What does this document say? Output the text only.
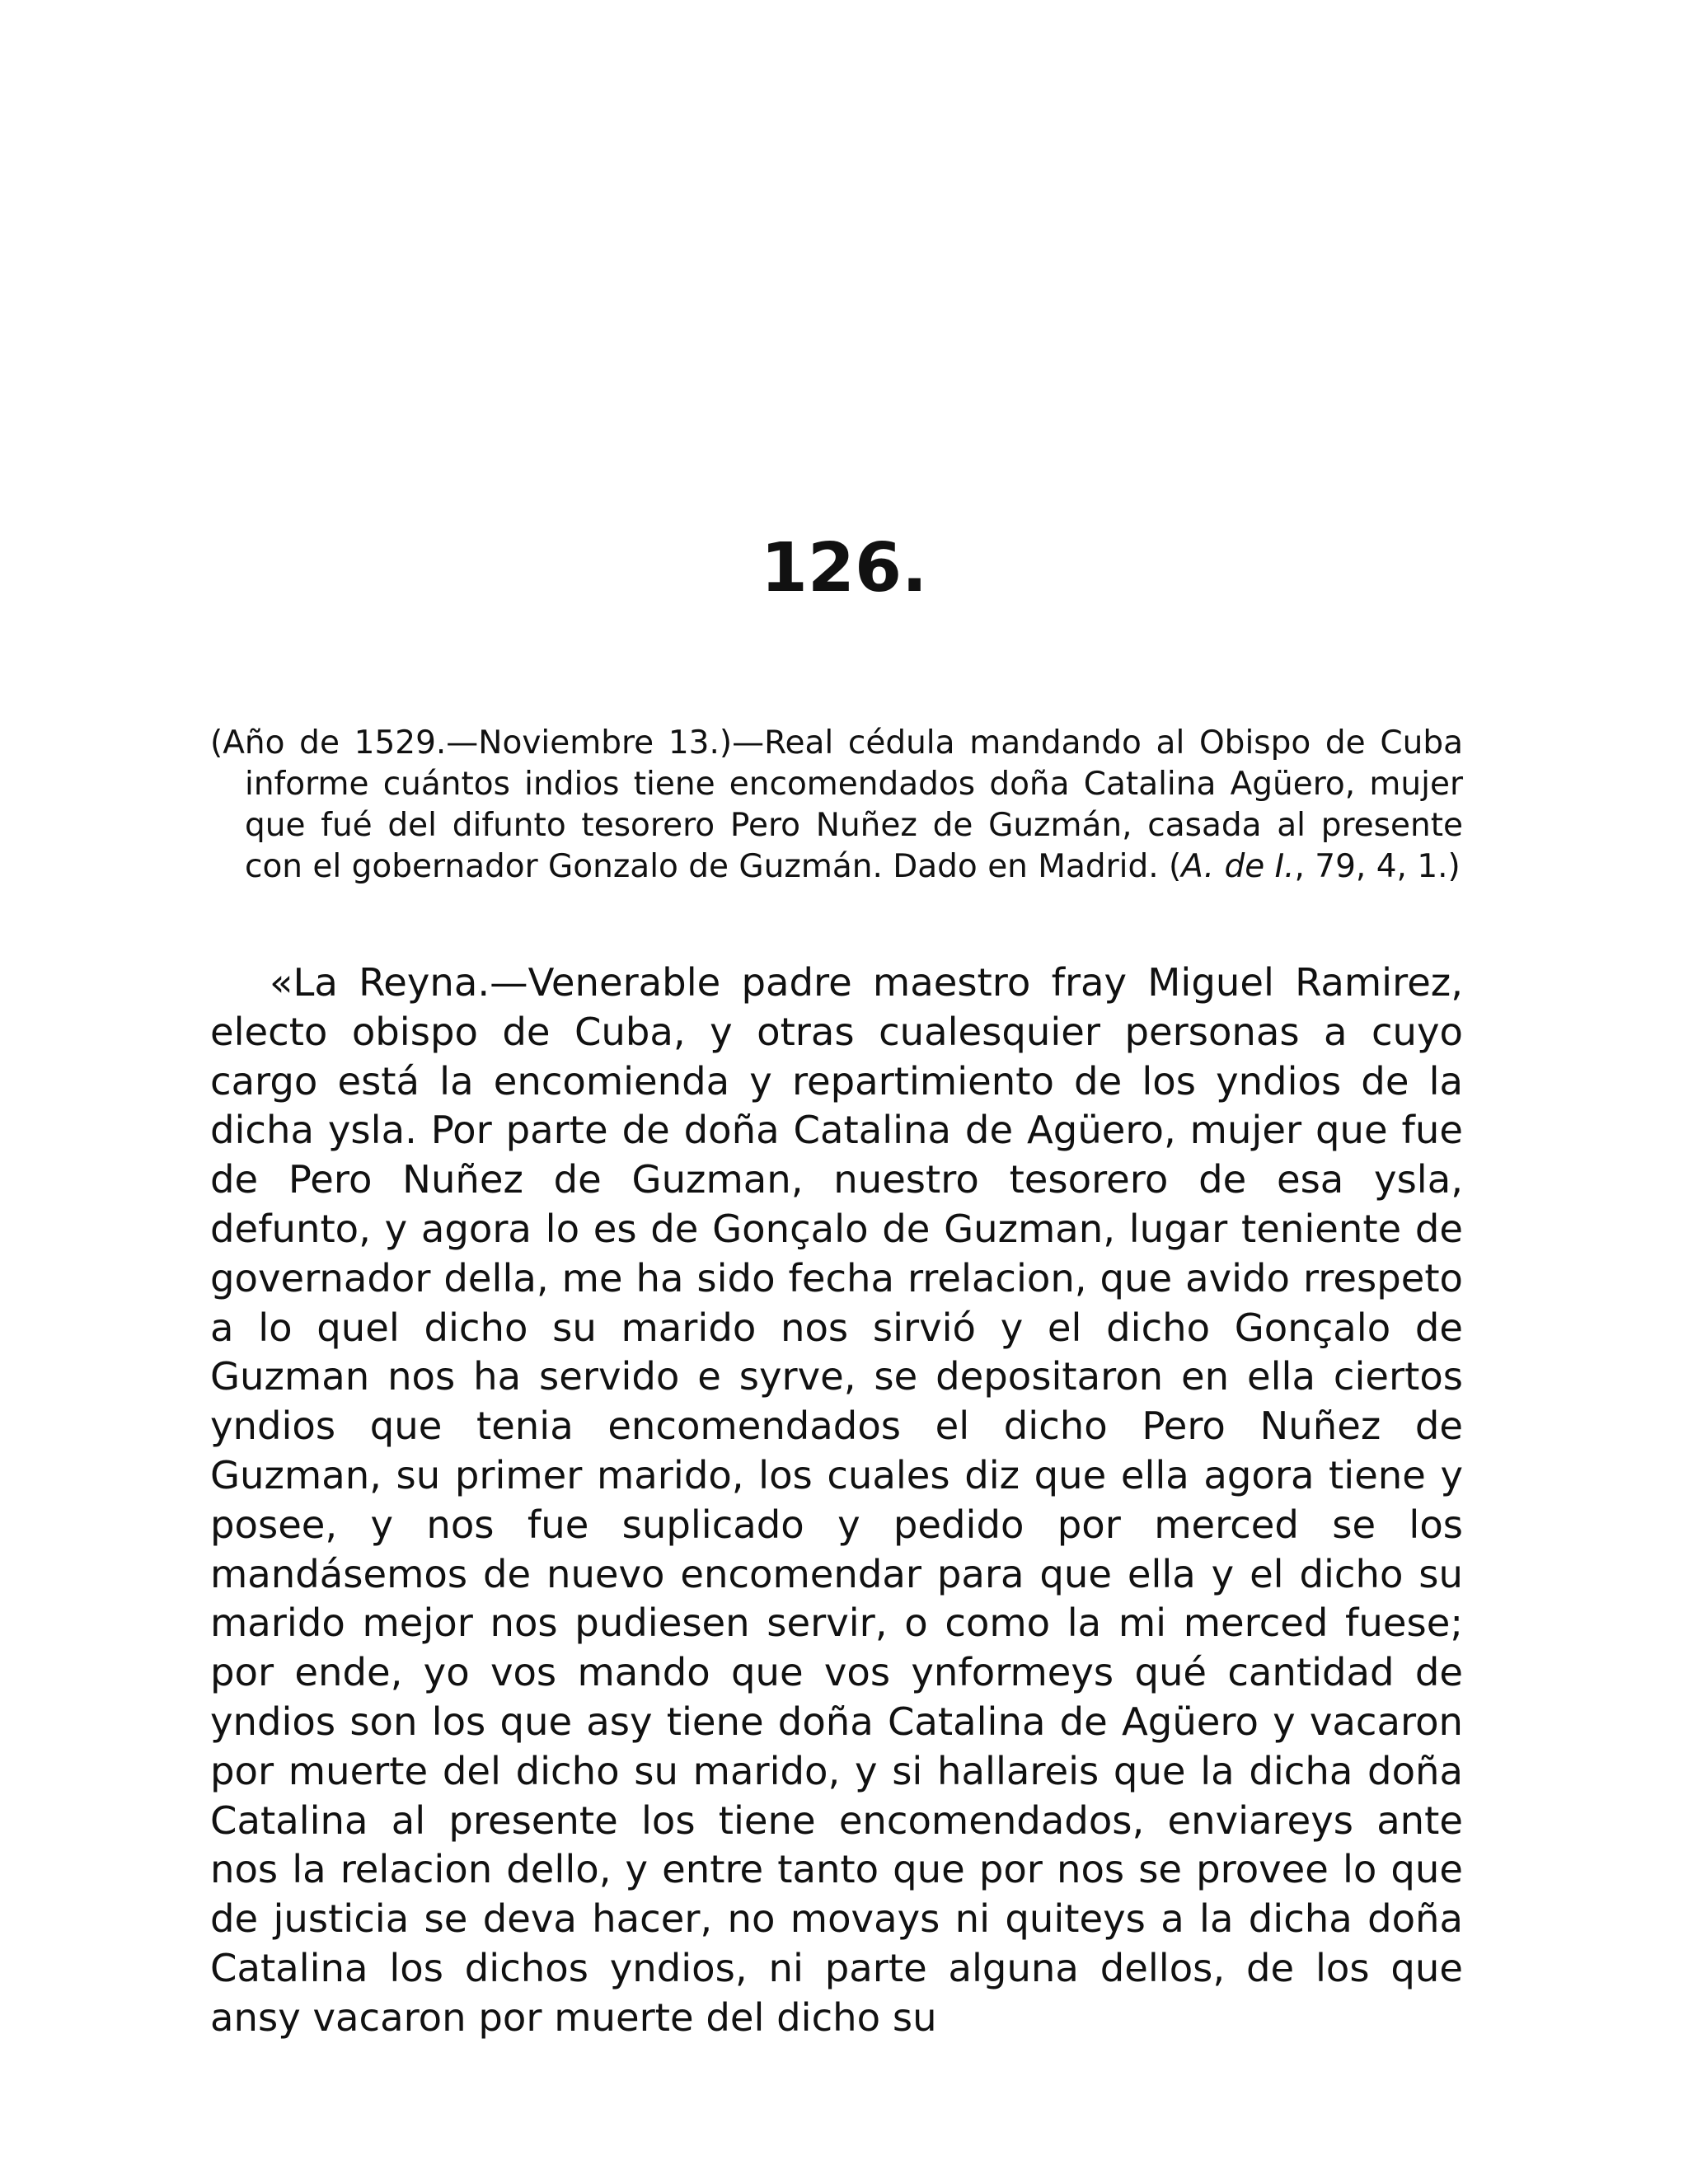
126.

(Año de 1529.—Noviembre 13.)—Real cédula mandando al Obispo de Cuba informe cuántos indios tiene encomendados doña Catalina Agüero, mujer que fué del difunto tesorero Pero Nuñez de Guzmán, casada al presente con el gobernador Gonzalo de Guzmán. Dado en Madrid. (A. de I., 79, 4, 1.)

«La Reyna.—Venerable padre maestro fray Miguel Ramirez, electo obispo de Cuba, y otras cualesquier personas a cuyo cargo está la encomienda y repartimiento de los yndios de la dicha ysla. Por parte de doña Catalina de Agüero, mujer que fue de Pero Nuñez de Guzman, nuestro tesorero de esa ysla, defunto, y agora lo es de Gonçalo de Guzman, lugar teniente de governador della, me ha sido fecha rrelacion, que avido rrespeto a lo quel dicho su marido nos sirvió y el dicho Gonçalo de Guzman nos ha servido e syrve, se depositaron en ella ciertos yndios que tenia encomendados el dicho Pero Nuñez de Guzman, su primer marido, los cuales diz que ella agora tiene y posee, y nos fue suplicado y pedido por merced se los mandásemos de nuevo encomendar para que ella y el dicho su marido mejor nos pudiesen servir, o como la mi merced fuese; por ende, yo vos mando que vos ynformeys qué cantidad de yndios son los que asy tiene doña Catalina de Agüero y vacaron por muerte del dicho su marido, y si hallareis que la dicha doña Catalina al presente los tiene encomendados, enviareys ante nos la relacion dello, y entre tanto que por nos se provee lo que de justicia se deva hacer, no movays ni quiteys a la dicha doña Catalina los dichos yndios, ni parte alguna dellos, de los que ansy vacaron por muerte del dicho su
